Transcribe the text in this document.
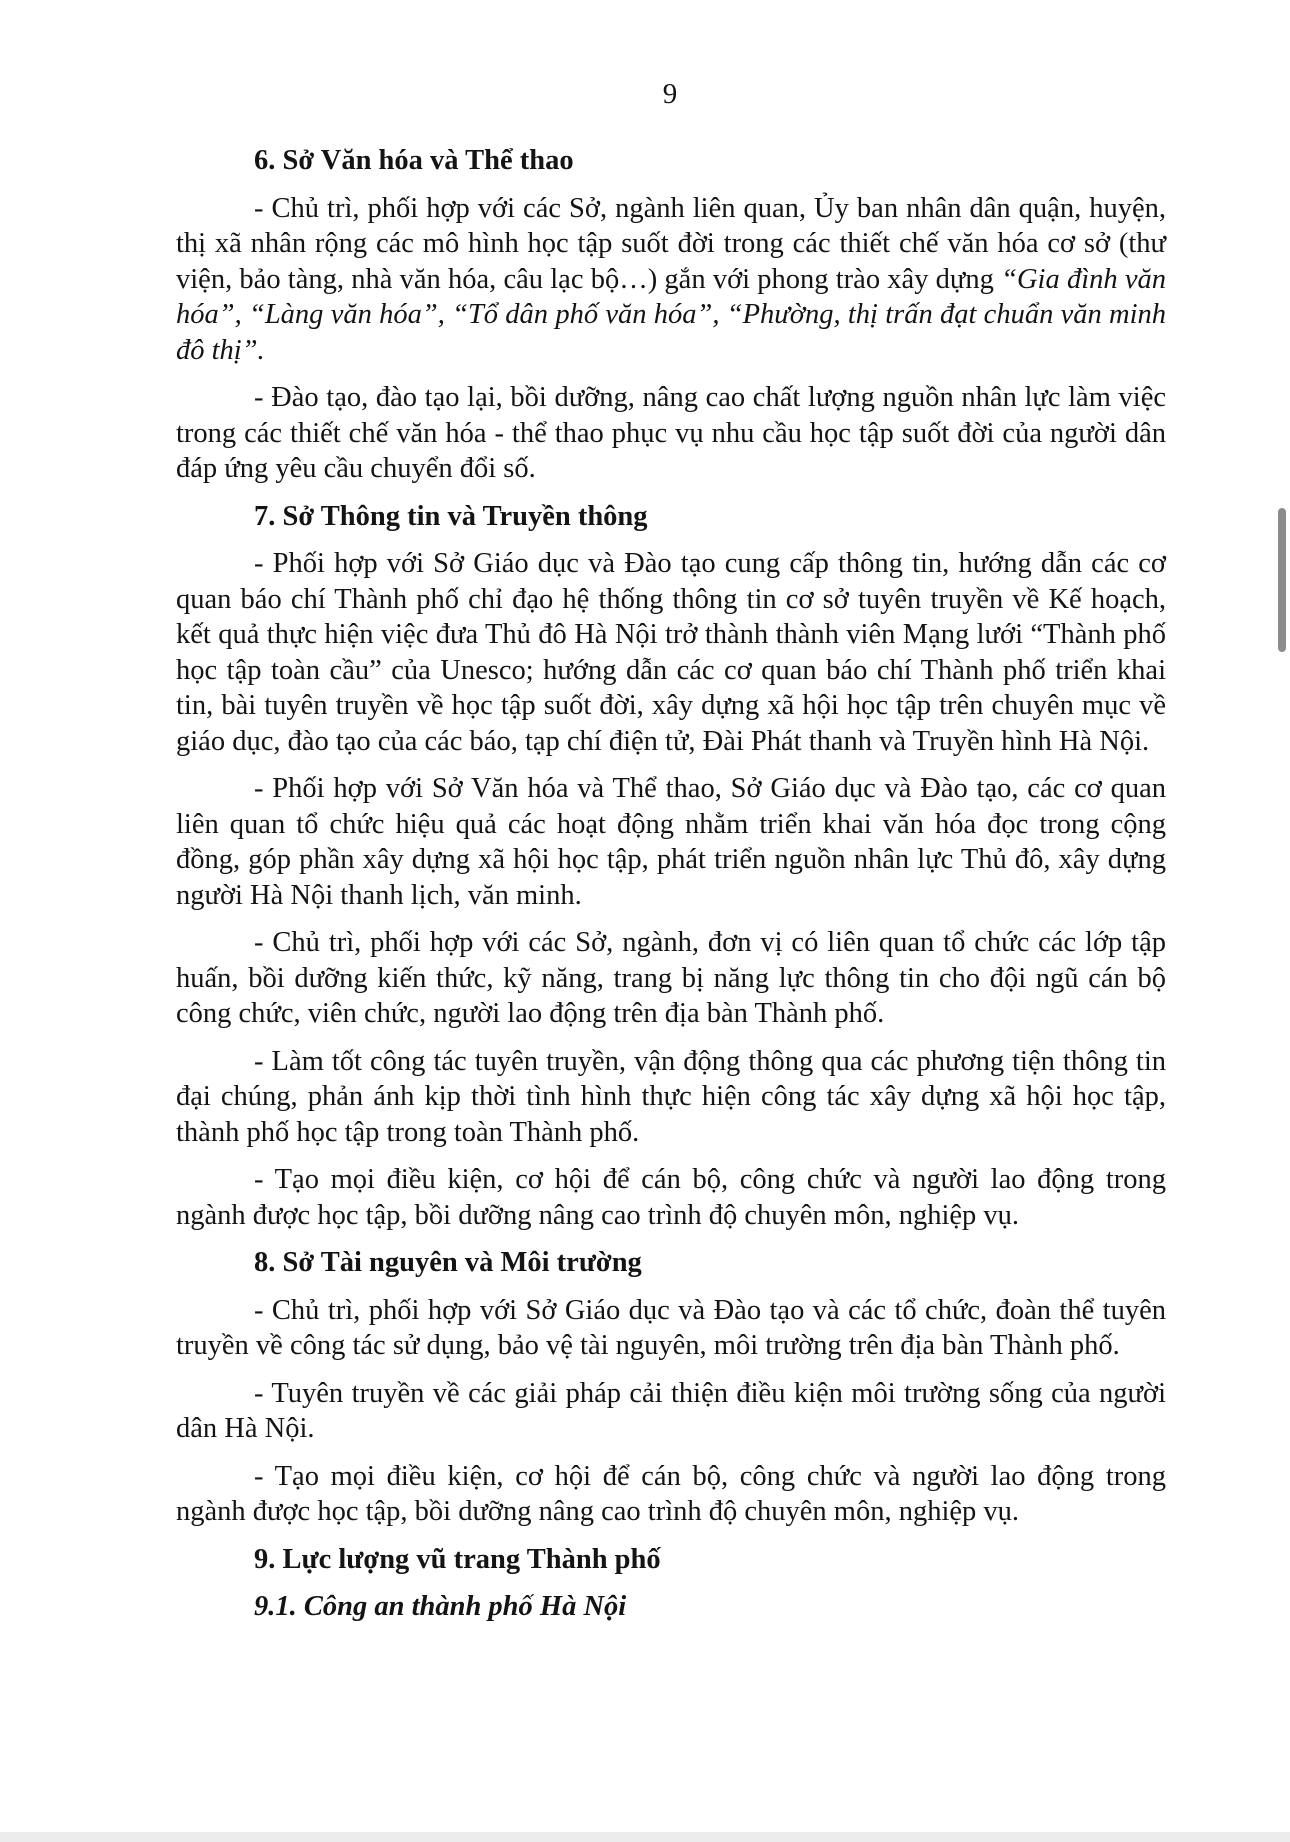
9
6. Sở Văn hóa và Thể thao

- Chủ trì, phối hợp với các Sở, ngành liên quan, Ủy ban nhân dân quận, huyện, thị xã nhân rộng các mô hình học tập suốt đời trong các thiết chế văn hóa cơ sở (thư viện, bảo tàng, nhà văn hóa, câu lạc bộ…) gắn với phong trào xây dựng “Gia đình văn hóa”, “Làng văn hóa”, “Tổ dân phố văn hóa”, “Phường, thị trấn đạt chuẩn văn minh đô thị”.

- Đào tạo, đào tạo lại, bồi dưỡng, nâng cao chất lượng nguồn nhân lực làm việc trong các thiết chế văn hóa - thể thao phục vụ nhu cầu học tập suốt đời của người dân đáp ứng yêu cầu chuyển đổi số.

7. Sở Thông tin và Truyền thông

- Phối hợp với Sở Giáo dục và Đào tạo cung cấp thông tin, hướng dẫn các cơ quan báo chí Thành phố chỉ đạo hệ thống thông tin cơ sở tuyên truyền về Kế hoạch, kết quả thực hiện việc đưa Thủ đô Hà Nội trở thành thành viên Mạng lưới “Thành phố học tập toàn cầu” của Unesco; hướng dẫn các cơ quan báo chí Thành phố triển khai tin, bài tuyên truyền về học tập suốt đời, xây dựng xã hội học tập trên chuyên mục về giáo dục, đào tạo của các báo, tạp chí điện tử, Đài Phát thanh và Truyền hình Hà Nội.

- Phối hợp với Sở Văn hóa và Thể thao, Sở Giáo dục và Đào tạo, các cơ quan liên quan tổ chức hiệu quả các hoạt động nhằm triển khai văn hóa đọc trong cộng đồng, góp phần xây dựng xã hội học tập, phát triển nguồn nhân lực Thủ đô, xây dựng người Hà Nội thanh lịch, văn minh.

- Chủ trì, phối hợp với các Sở, ngành, đơn vị có liên quan tổ chức các lớp tập huấn, bồi dưỡng kiến thức, kỹ năng, trang bị năng lực thông tin cho đội ngũ cán bộ công chức, viên chức, người lao động trên địa bàn Thành phố.

- Làm tốt công tác tuyên truyền, vận động thông qua các phương tiện thông tin đại chúng, phản ánh kịp thời tình hình thực hiện công tác xây dựng xã hội học tập, thành phố học tập trong toàn Thành phố.

- Tạo mọi điều kiện, cơ hội để cán bộ, công chức và người lao động trong ngành được học tập, bồi dưỡng nâng cao trình độ chuyên môn, nghiệp vụ.

8. Sở Tài nguyên và Môi trường

- Chủ trì, phối hợp với Sở Giáo dục và Đào tạo và các tổ chức, đoàn thể tuyên truyền về công tác sử dụng, bảo vệ tài nguyên, môi trường trên địa bàn Thành phố.

- Tuyên truyền về các giải pháp cải thiện điều kiện môi trường sống của người dân Hà Nội.

- Tạo mọi điều kiện, cơ hội để cán bộ, công chức và người lao động trong ngành được học tập, bồi dưỡng nâng cao trình độ chuyên môn, nghiệp vụ.

9. Lực lượng vũ trang Thành phố
9.1. Công an thành phố Hà Nội
